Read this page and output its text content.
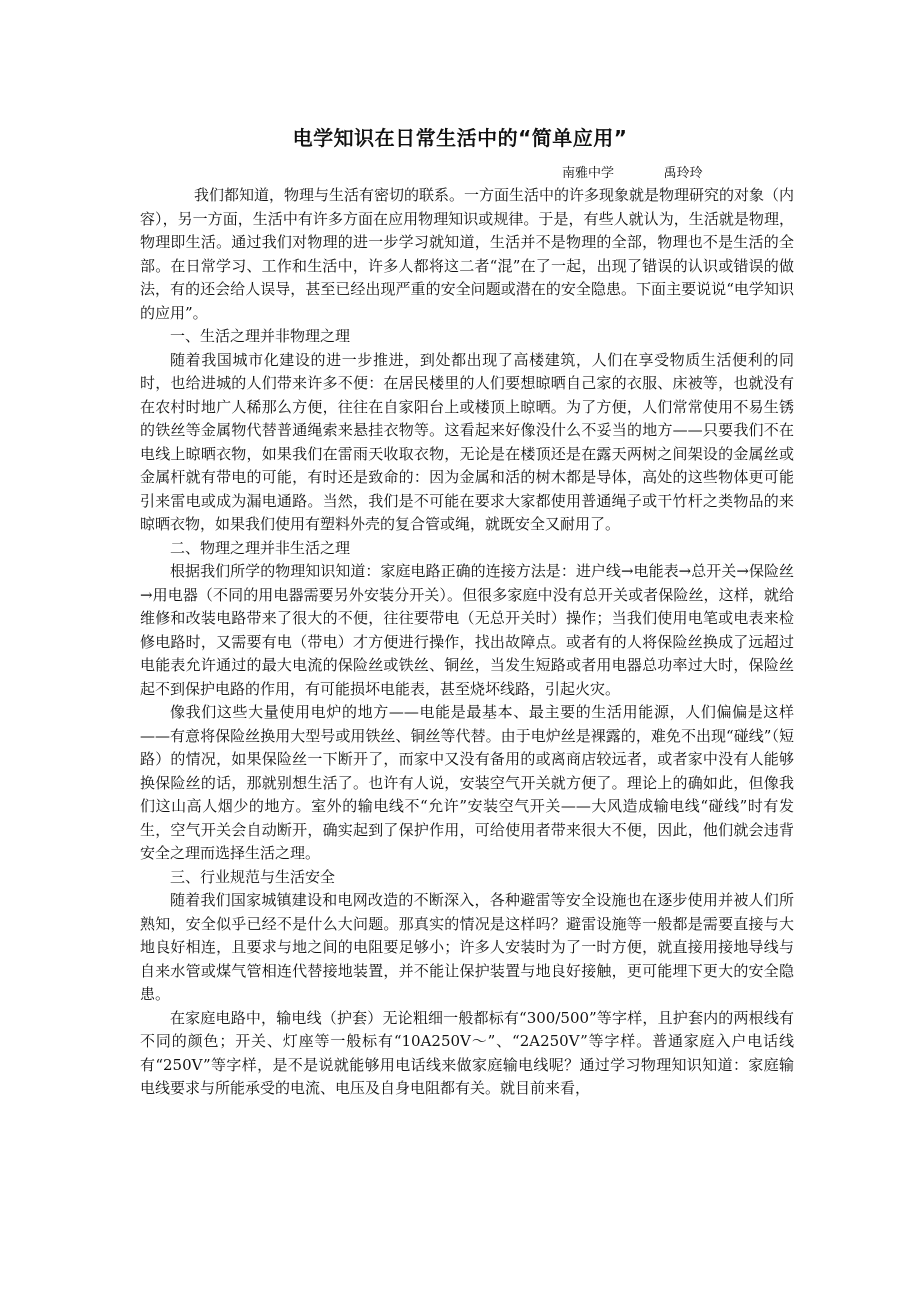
电学知识在日常生活中的“简单应用”
南雅中学	禹玲玲

我们都知道，物理与生活有密切的联系。一方面生活中的许多现象就是物理研究的对象（内容），另一方面，生活中有许多方面在应用物理知识或规律。于是，有些人就认为，生活就是物理，物理即生活。通过我们对物理的进一步学习就知道，生活并不是物理的全部，物理也不是生活的全部。在日常学习、工作和生活中，许多人都将这二者“混”在了一起，出现了错误的认识或错误的做法，有的还会给人误导，甚至已经出现严重的安全问题或潜在的安全隐患。下面主要说说“电学知识的应用”。

一、生活之理并非物理之理

随着我国城市化建设的进一步推进，到处都出现了高楼建筑，人们在享受物质生活便利的同时，也给进城的人们带来许多不便：在居民楼里的人们要想晾晒自己家的衣服、床被等，也就没有在农村时地广人稀那么方便，往往在自家阳台上或楼顶上晾晒。为了方便，人们常常使用不易生锈的铁丝等金属物代替普通绳索来悬挂衣物等。这看起来好像没什么不妥当的地方——只要我们不在电线上晾晒衣物，如果我们在雷雨天收取衣物，无论是在楼顶还是在露天两树之间架设的金属丝或金属杆就有带电的可能，有时还是致命的：因为金属和活的树木都是导体，高处的这些物体更可能引来雷电或成为漏电通路。当然，我们是不可能在要求大家都使用普通绳子或干竹杆之类物品的来晾晒衣物，如果我们使用有塑料外壳的复合管或绳，就既安全又耐用了。

二、物理之理并非生活之理

根据我们所学的物理知识知道：家庭电路正确的连接方法是：进户线→电能表→总开关→保险丝→用电器（不同的用电器需要另外安装分开关）。但很多家庭中没有总开关或者保险丝，这样，就给维修和改装电路带来了很大的不便，往往要带电（无总开关时）操作；当我们使用电笔或电表来检修电路时，又需要有电（带电）才方便进行操作，找出故障点。或者有的人将保险丝换成了远超过电能表允许通过的最大电流的保险丝或铁丝、铜丝，当发生短路或者用电器总功率过大时，保险丝起不到保护电路的作用，有可能损坏电能表，甚至烧坏线路，引起火灾。

像我们这些大量使用电炉的地方——电能是最基本、最主要的生活用能源，人们偏偏是这样——有意将保险丝换用大型号或用铁丝、铜丝等代替。由于电炉丝是裸露的，难免不出现“碰线”（短路）的情况，如果保险丝一下断开了，而家中又没有备用的或离商店较远者，或者家中没有人能够换保险丝的话，那就别想生活了。也许有人说，安装空气开关就方便了。理论上的确如此，但像我们这山高人烟少的地方。室外的输电线不“允许”安装空气开关——大风造成输电线“碰线”时有发生，空气开关会自动断开，确实起到了保护作用，可给使用者带来很大不便，因此，他们就会违背安全之理而选择生活之理。

三、行业规范与生活安全

随着我们国家城镇建设和电网改造的不断深入，各种避雷等安全设施也在逐步使用并被人们所熟知，安全似乎已经不是什么大问题。那真实的情况是这样吗？避雷设施等一般都是需要直接与大地良好相连，且要求与地之间的电阻要足够小；许多人安装时为了一时方便，就直接用接地导线与自来水管或煤气管相连代替接地装置，并不能让保护装置与地良好接触，更可能埋下更大的安全隐患。

在家庭电路中，输电线（护套）无论粗细一般都标有“300/500”等字样，且护套内的两根线有不同的颜色；开关、灯座等一般标有“10A250V～”、“2A250V”等字样。普通家庭入户电话线有“250V”等字样，是不是说就能够用电话线来做家庭输电线呢？通过学习物理知识知道：家庭输电线要求与所能承受的电流、电压及自身电阻都有关。就目前来看，
